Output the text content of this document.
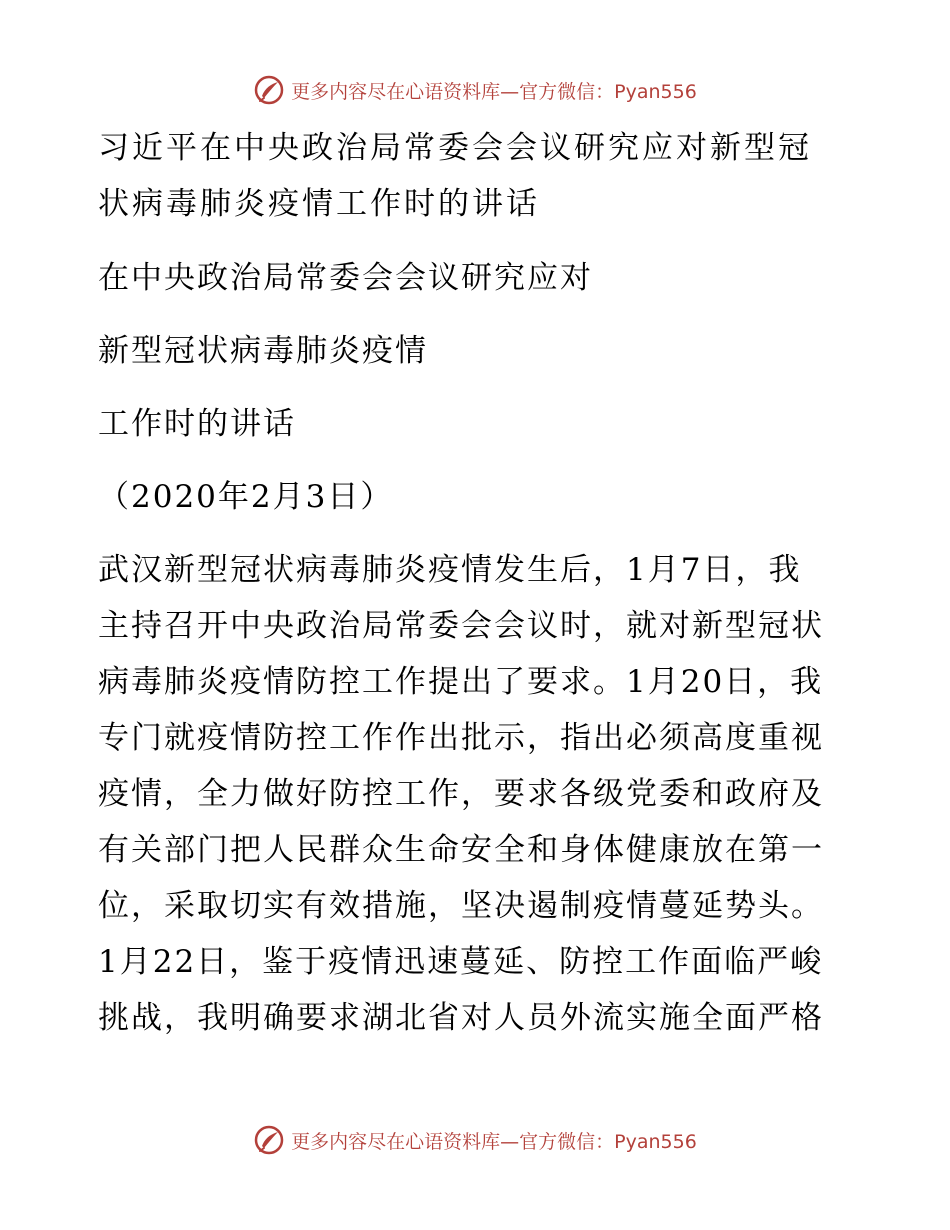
更多内容尽在心语资料库—官方微信：Pyan556
习近平在中央政治局常委会会议研究应对新型冠
状病毒肺炎疫情工作时的讲话
在中央政治局常委会会议研究应对
新型冠状病毒肺炎疫情
工作时的讲话
（2020年2月3日）
武汉新型冠状病毒肺炎疫情发生后，1月7日，我
主持召开中央政治局常委会会议时，就对新型冠状
病毒肺炎疫情防控工作提出了要求。1月20日，我
专门就疫情防控工作作出批示，指出必须高度重视
疫情，全力做好防控工作，要求各级党委和政府及
有关部门把人民群众生命安全和身体健康放在第一
位，采取切实有效措施，坚决遏制疫情蔓延势头。
1月22日，鉴于疫情迅速蔓延、防控工作面临严峻
挑战，我明确要求湖北省对人员外流实施全面严格
更多内容尽在心语资料库—官方微信：Pyan556
